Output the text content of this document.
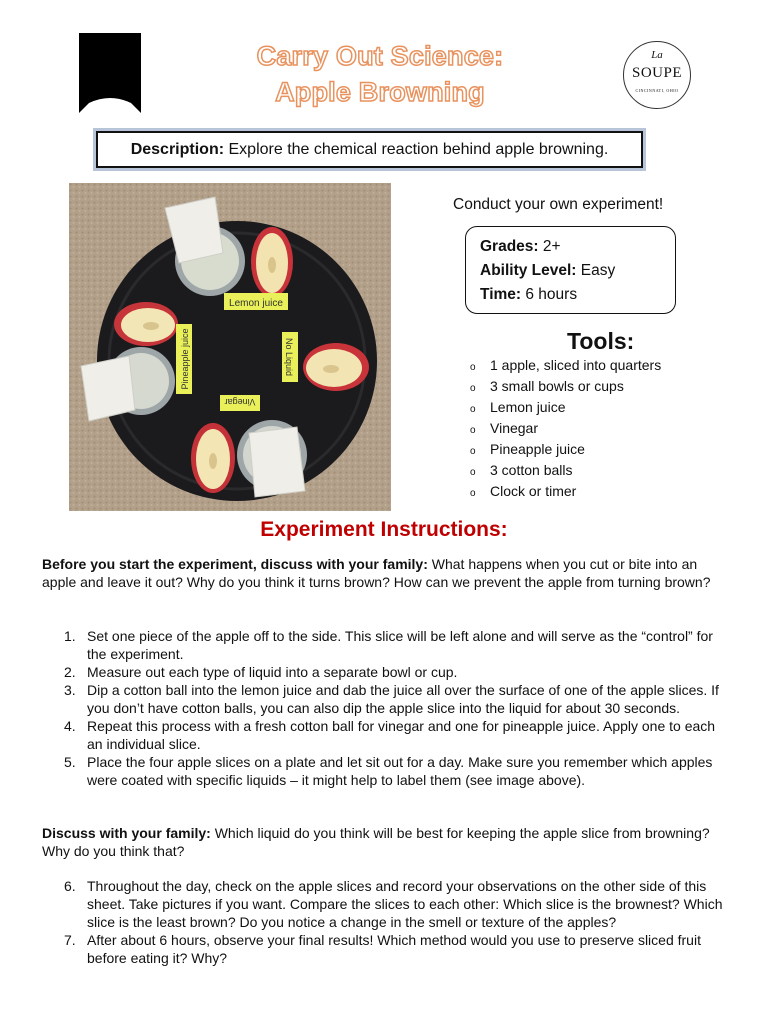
CMC
Carry Out Science:
Apple Browning
La
SOUPE
CINCINNATI, OHIO
Description: Explore the chemical reaction behind apple browning.
Lemon juice
Pineapple juice	No Liquid
Vinegar
Conduct your own experiment!
Grades: 2+
Ability Level: Easy
Time: 6 hours
Tools:
o 1 apple, sliced into quarters
o 3 small bowls or cups
o Lemon juice
o Vinegar
o Pineapple juice
o 3 cotton balls
o Clock or timer
Experiment Instructions:
Before you start the experiment, discuss with your family: What happens when you cut or bite into an apple and leave it out? Why do you think it turns brown? How can we prevent the apple from turning brown?
1. Set one piece of the apple off to the side. This slice will be left alone and will serve as the “control” for the experiment.
2. Measure out each type of liquid into a separate bowl or cup.
3. Dip a cotton ball into the lemon juice and dab the juice all over the surface of one of the apple slices. If you don’t have cotton balls, you can also dip the apple slice into the liquid for about 30 seconds.
4. Repeat this process with a fresh cotton ball for vinegar and one for pineapple juice. Apply one to each an individual slice.
5. Place the four apple slices on a plate and let sit out for a day. Make sure you remember which apples were coated with specific liquids – it might help to label them (see image above).
Discuss with your family: Which liquid do you think will be best for keeping the apple slice from browning? Why do you think that?
6. Throughout the day, check on the apple slices and record your observations on the other side of this sheet. Take pictures if you want. Compare the slices to each other: Which slice is the brownest? Which slice is the least brown? Do you notice a change in the smell or texture of the apples?
7. After about 6 hours, observe your final results! Which method would you use to preserve sliced fruit before eating it? Why?
